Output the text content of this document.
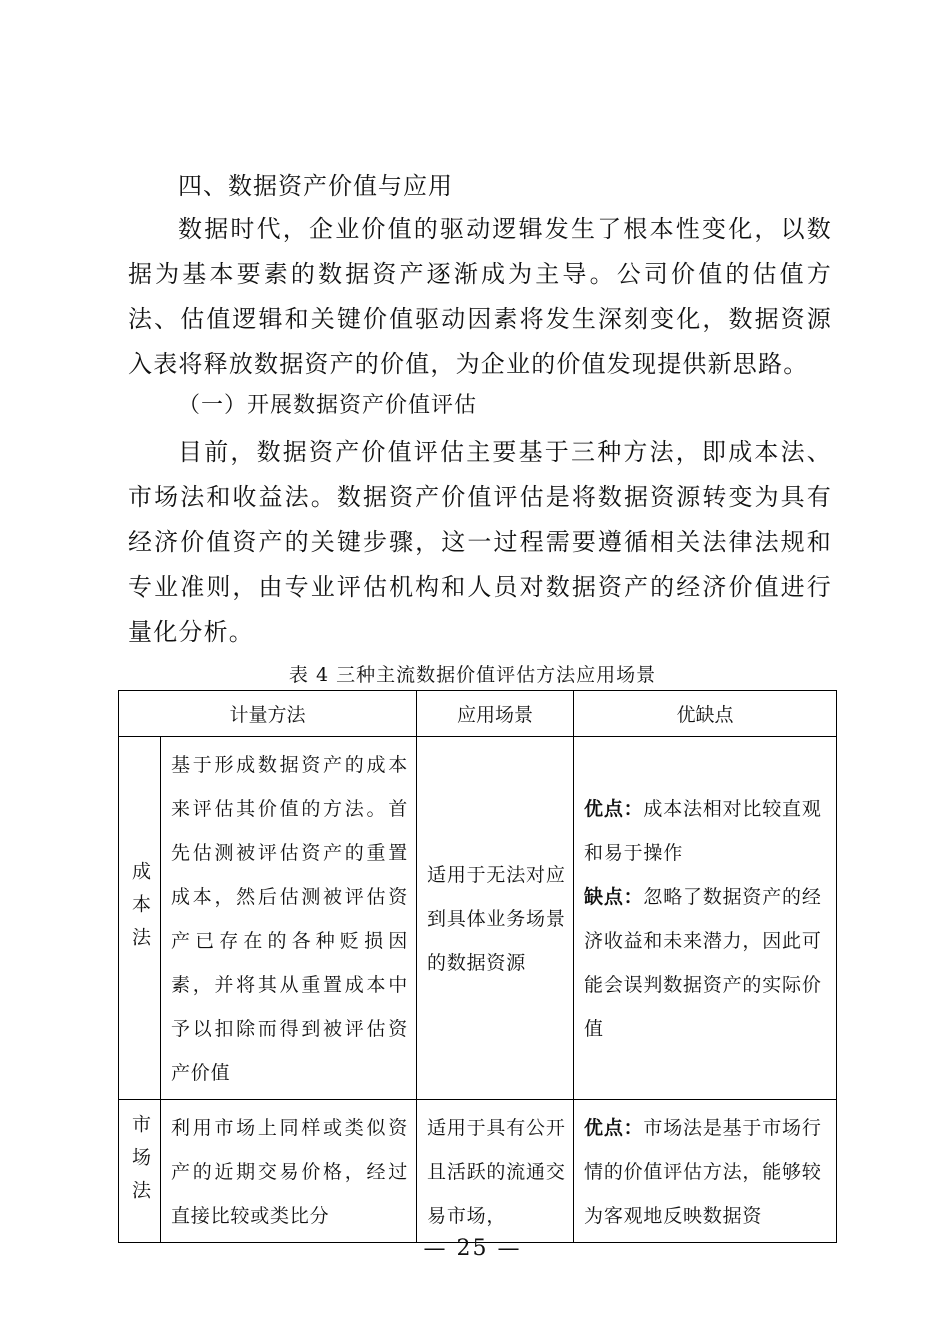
四、数据资产价值与应用

数据时代，企业价值的驱动逻辑发生了根本性变化，以数据为基本要素的数据资产逐渐成为主导。公司价值的估值方法、估值逻辑和关键价值驱动因素将发生深刻变化，数据资源入表将释放数据资产的价值，为企业的价值发现提供新思路。

（一）开展数据资产价值评估

目前，数据资产价值评估主要基于三种方法，即成本法、市场法和收益法。数据资产价值评估是将数据资源转变为具有经济价值资产的关键步骤，这一过程需要遵循相关法律法规和专业准则，由专业评估机构和人员对数据资产的经济价值进行量化分析。

表 4 三种主流数据价值评估方法应用场景
计量方法		应用场景	优缺点
成本法	基于形成数据资产的成本来评估其价值的方法。首先估测被评估资产的重置成本，然后估测被评估资产已存在的各种贬损因素，并将其从重置成本中予以扣除而得到被评估资产价值	适用于无法对应到具体业务场景的数据资源	优点：成本法相对比较直观和易于操作
缺点：忽略了数据资产的经济收益和未来潜力，因此可能会误判数据资产的实际价值

市场法	利用市场上同样或类似资产的近期交易价格，经过直接比较或类比分	适用于具有公开且活跃的流通交易市场，	优点：市场法是基于市场行情的价值评估方法，能够较为客观地反映数据资
— 25 —
